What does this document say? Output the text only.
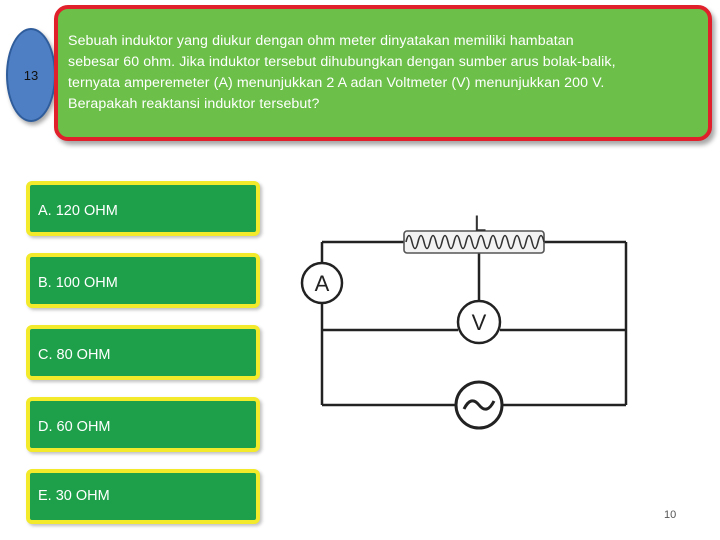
13
Sebuah induktor yang diukur dengan ohm meter dinyatakan memiliki hambatan
sebesar 60 ohm. Jika induktor tersebut dihubungkan dengan sumber arus bolak-balik,
ternyata amperemeter (A) menunjukkan 2 A adan Voltmeter (V) menunjukkan 200 V.
Berapakah reaktansi induktor tersebut?
A. 120 OHM
B. 100 OHM
C. 80 OHM
D. 60 OHM
E. 30 OHM
L
A
V
10
